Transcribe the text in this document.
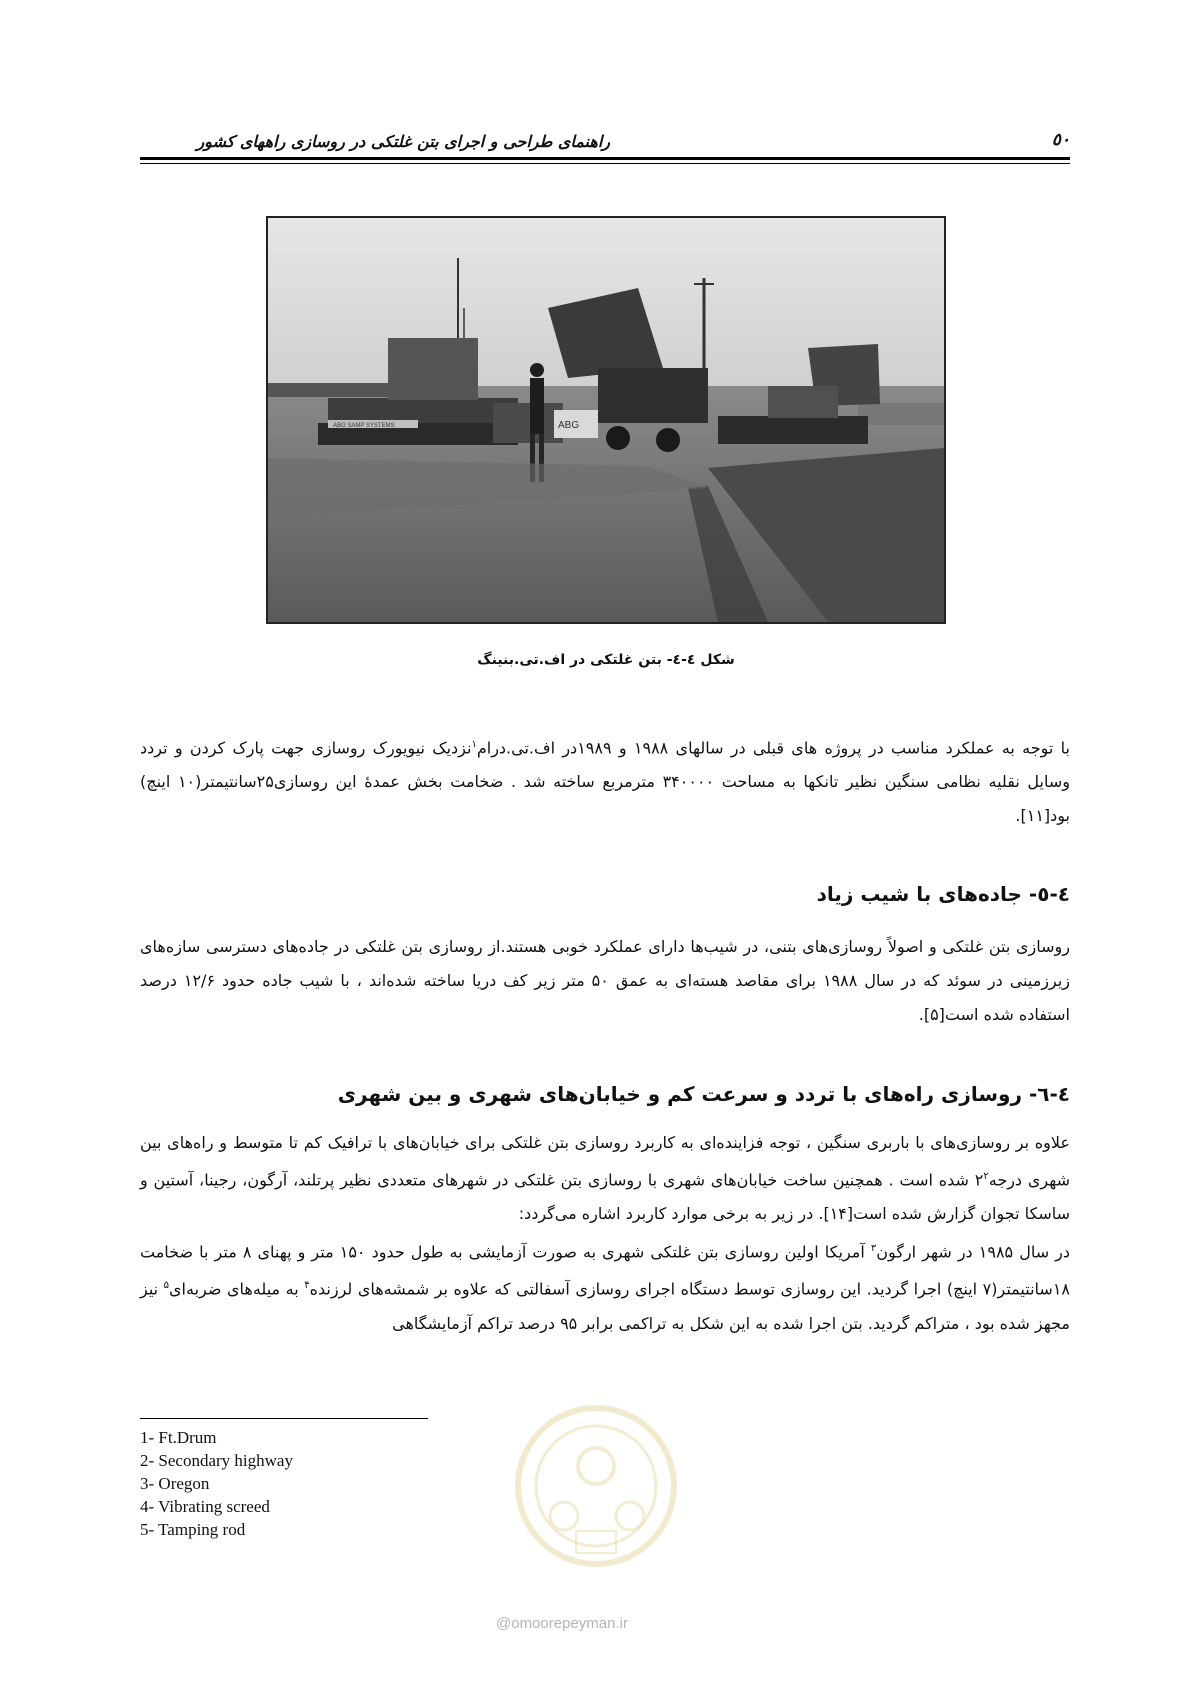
راهنمای طراحی و اجرای بتن غلتکی در روسازی راههای کشور	٥٠
ABG
ABG SAMP SYSTEMS
شکل ٤-٤- بتن غلتکی در اف.تی.بنینگ

با توجه به عملکرد مناسب در پروژه های قبلی در سالهای ۱۹۸۸ و ۱۹۸۹در اف.تی.درام$^۱$نزدیک نیویورک روسازی جهت پارک کردن و تردد وسایل نقلیه نظامی سنگین نظیر تانکها به مساحت ۳۴۰۰۰۰ مترمربع ساخته شد . ضخامت بخش عمدۀ این روسازی۲۵سانتیمتر(۱۰ اینچ) بود[۱۱].

٤-٥- جاده‌های با شیب زیاد

روسازی بتن غلتکی و اصولاً روسازی‌های بتنی، در شیب‌ها دارای عملکرد خوبی هستند.از روسازی بتن غلتکی در جاده‌های دسترسی سازه‌های زیرزمینی در سوئد که در سال ۱۹۸۸ برای مقاصد هسته‌ای به عمق ۵۰ متر زیر کف دریا ساخته شده‌اند ، با شیب جاده حدود ۱۲/۶ درصد استفاده شده است[۵].

٤-٦- روسازی راه‌های با تردد و سرعت کم و خیابان‌های شهری و بین شهری

علاوه بر روسازی‌های با باربری سنگین ، توجه فزاینده‌ای به کاربرد روسازی بتن غلتکی برای خیابان‌های با ترافیک کم تا متوسط و راه‌های بین شهری $درجه۲^۲$ شده است . همچنین ساخت خیابان‌های شهری با روسازی بتن غلتکی در شهرهای متعددی نظیر پرتلند، آرگون، رجینا، آستین و ساسکا تجوان گزارش شده است[۱۴]. در زیر به برخی موارد کاربرد اشاره می‌گردد:

در سال ۱۹۸۵ در شهر ارگون$^۳$ آمریکا اولین روسازی بتن غلتکی شهری به صورت آزمایشی به طول حدود ۱۵۰ متر و پهنای ۸ متر با ضخامت ۱۸سانتیمتر(۷ اینچ) اجرا گردید. این روسازی توسط دستگاه اجرای روسازی آسفالتی که علاوه بر شمشه‌های لرزنده$^۴$ به میله‌های ضربه‌ای$^۵$ نیز مجهز شده بود ، متراکم گردید. بتن اجرا شده به این شکل به تراکمی برابر ۹۵ درصد تراکم آزمایشگاهی

@omoorepeyman.ir
1- Ft.Drum
2- Secondary highway
3- Oregon
4- Vibrating screed
5- Tamping rod
